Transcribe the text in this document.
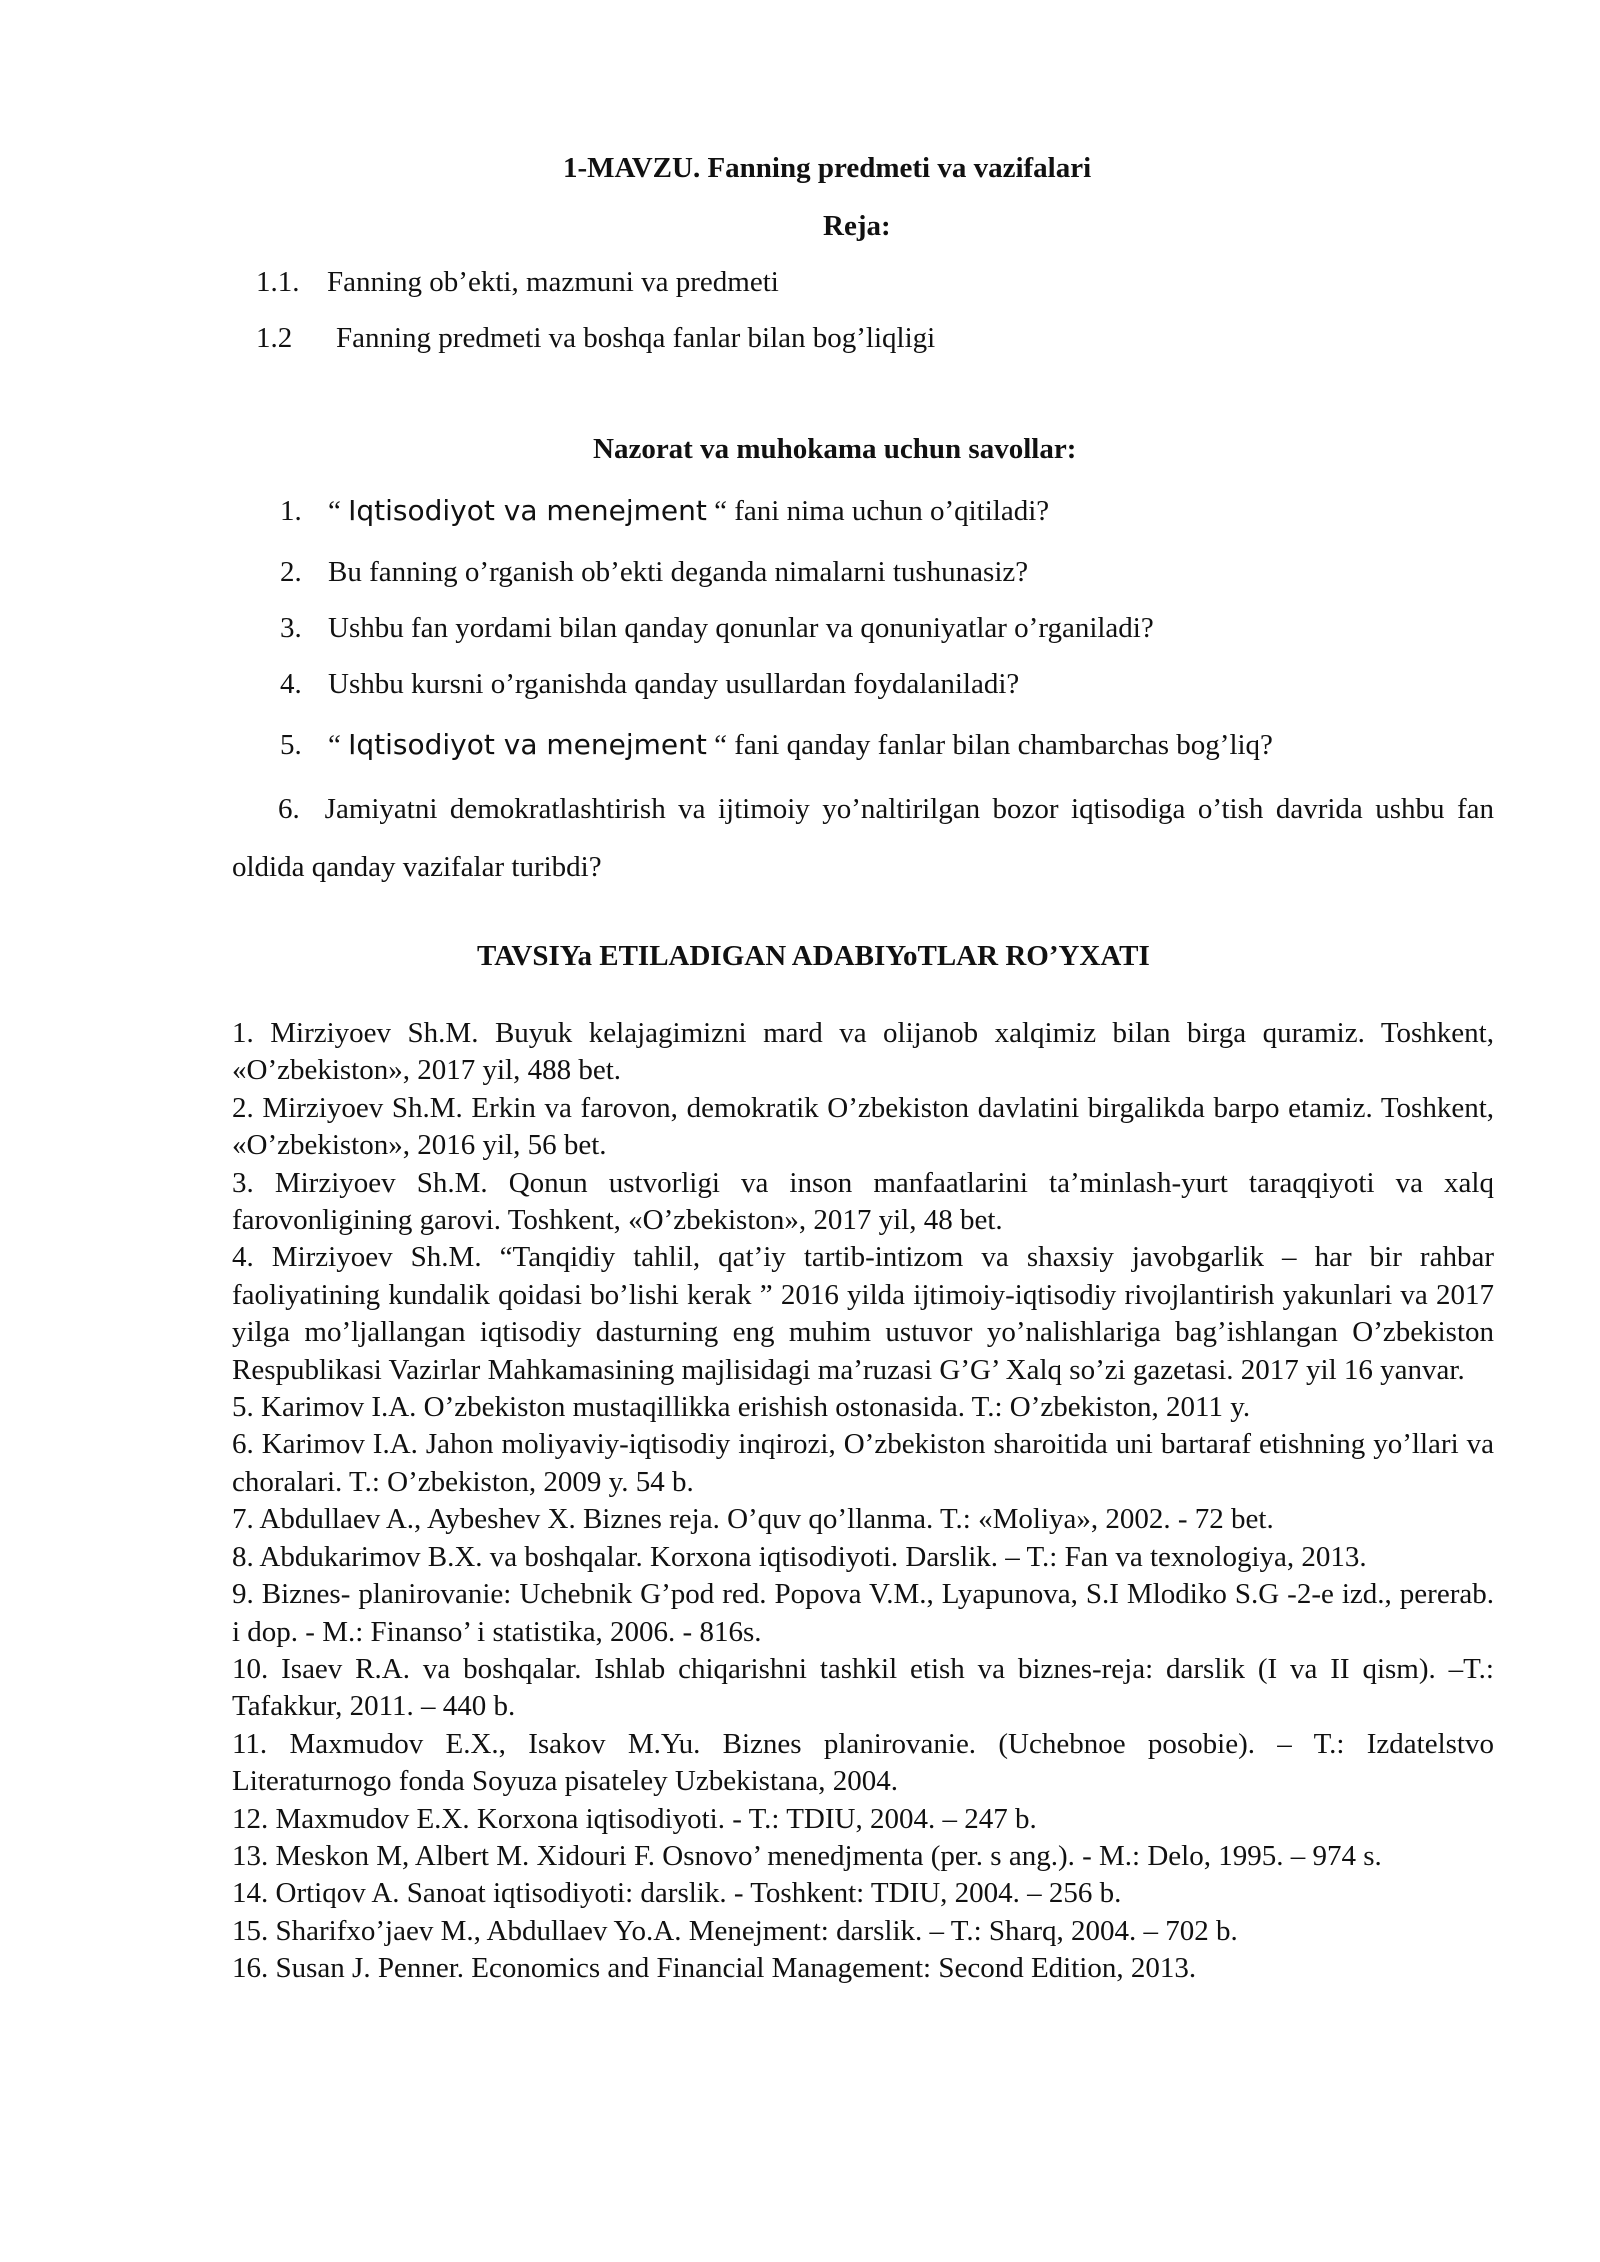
1-MAVZU. Fanning predmeti va vazifalari
Reja:
1.1. Fanning ob’ekti, mazmuni va predmeti
1.2 Fanning predmeti va boshqa fanlar bilan bog’liqligi
Nazorat va muhokama uchun savollar:
1. “ Iqtisodiyot va menejment “ fani nima uchun o’qitiladi?
2. Bu fanning o’rganish ob’ekti deganda nimalarni tushunasiz?
3. Ushbu fan yordami bilan qanday qonunlar va qonuniyatlar o’rganiladi?
4. Ushbu kursni o’rganishda qanday usullardan foydalaniladi?
5. “ Iqtisodiyot va menejment “ fani qanday fanlar bilan chambarchas bog’liq?
6. Jamiyatni demokratlashtirish va ijtimoiy yo’naltirilgan bozor iqtisodiga o’tish davrida ushbu fan oldida qanday vazifalar turibdi?
TAVSIYa ETILADIGAN ADABIYoTLAR RO’YXATI

1. Mirziyoev Sh.M. Buyuk kelajagimizni mard va olijanob xalqimiz bilan birga quramiz. Toshkent, «O’zbekiston», 2017 yil, 488 bet.

2. Mirziyoev Sh.M. Erkin va farovon, demokratik O’zbekiston davlatini birgalikda barpo etamiz. Toshkent, «O’zbekiston», 2016 yil, 56 bet.

3. Mirziyoev Sh.M. Qonun ustvorligi va inson manfaatlarini ta’minlash-yurt taraqqiyoti va xalq farovonligining garovi. Toshkent, «O’zbekiston», 2017 yil, 48 bet.

4. Mirziyoev Sh.M. “Tanqidiy tahlil, qat’iy tartib-intizom va shaxsiy javobgarlik – har bir rahbar faoliyatining kundalik qoidasi bo’lishi kerak ” 2016 yilda ijtimoiy-iqtisodiy rivojlantirish yakunlari va 2017 yilga mo’ljallangan iqtisodiy dasturning eng muhim ustuvor yo’nalishlariga bag’ishlangan O’zbekiston Respublikasi Vazirlar Mahkamasining majlisidagi ma’ruzasi G’G’ Xalq so’zi gazetasi. 2017 yil 16 yanvar.

5. Karimov I.A. O’zbekiston mustaqillikka erishish ostonasida. T.: O’zbekiston, 2011 y.

6. Karimov I.A. Jahon moliyaviy-iqtisodiy inqirozi, O’zbekiston sharoitida uni bartaraf etishning yo’llari va choralari. T.: O’zbekiston, 2009 y. 54 b.

7. Abdullaev A., Aybeshev X. Biznes reja. O’quv qo’llanma. T.: «Moliya», 2002. - 72 bet.

8. Abdukarimov B.X. va boshqalar. Korxona iqtisodiyoti. Darslik. – T.: Fan va texnologiya, 2013.

9. Biznes- planirovanie: Uchebnik G’pod red. Popova V.M., Lyapunova, S.I Mlodiko S.G -2-e izd., pererab. i dop. - M.: Finanso’ i statistika, 2006. - 816s.

10. Isaev R.A. va boshqalar. Ishlab chiqarishni tashkil etish va biznes-reja: darslik (I va II qism). –T.: Tafakkur, 2011. – 440 b.

11. Maxmudov E.X., Isakov M.Yu. Biznes planirovanie. (Uchebnoe posobie). – T.: Izdatelstvo Literaturnogo fonda Soyuza pisateley Uzbekistana, 2004.

12. Maxmudov E.X. Korxona iqtisodiyoti. - T.: TDIU, 2004. – 247 b.

13. Meskon M, Albert M. Xidouri F. Osnovo’ menedjmenta (per. s ang.). - M.: Delo, 1995. – 974 s.

14. Ortiqov A. Sanoat iqtisodiyoti: darslik. - Toshkent: TDIU, 2004. – 256 b.

15. Sharifxo’jaev M., Abdullaev Yo.A. Menejment: darslik. – T.: Sharq, 2004. – 702 b.

16. Susan J. Penner. Economics and Financial Management: Second Edition, 2013.
